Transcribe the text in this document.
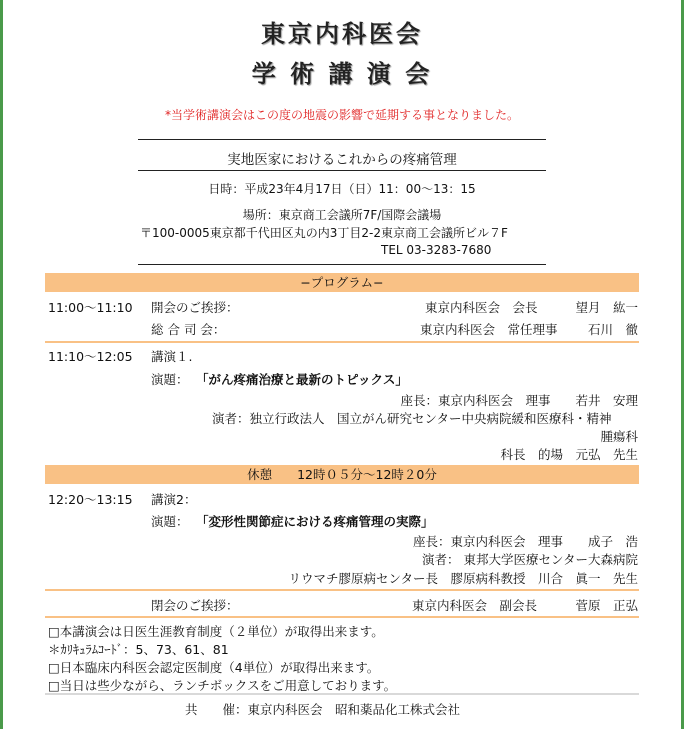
東京内科医会
学 術 講 演 会
*当学術講演会はこの度の地震の影響で延期する事となりました。
実地医家におけるこれからの疼痛管理
日時：平成23年4月17日（日）11：00〜13：15
場所：東京商工会議所7F/国際会議場
〒100-0005東京都千代田区丸の内3丁目2-2東京商工会議所ビル７F
TEL 03-3283-7680
−プログラム−
11:00〜11:10 開会のご挨拶：	東京内科医会　会長	望月　紘一
総 合 司 会：	東京内科医会　常任理事	石川　徹
11:10〜12:05 講演１.
演題： 「がん疼痛治療と最新のトピックス」
座長：東京内科医会　理事　　若井　安理
演者：独立行政法人　国立がん研究センター中央病院緩和医療科・精神
腫瘍科
科長　的場　元弘　先生
休憩　　12時０５分〜12時２0分
12:20〜13:15 講演2：
演題： 「変形性関節症における疼痛管理の実際」
座長：東京内科医会　理事　　成子　浩
演者： 東邦大学医療センター大森病院
リウマチ膠原病センター長　膠原病科教授　川合　眞一　先生
閉会のご挨拶：	東京内科医会　副会長	菅原　正弘
□本講演会は日医生涯教育制度（２単位）が取得出来ます。
＊ｶﾘｷｭﾗﾑｺｰﾄﾞ：5、73、61、81
□日本臨床内科医会認定医制度（4単位）が取得出来ます。
□当日は些少ながら、ランチボックスをご用意しております。
共　　催：東京内科医会　昭和薬品化工株式会社
